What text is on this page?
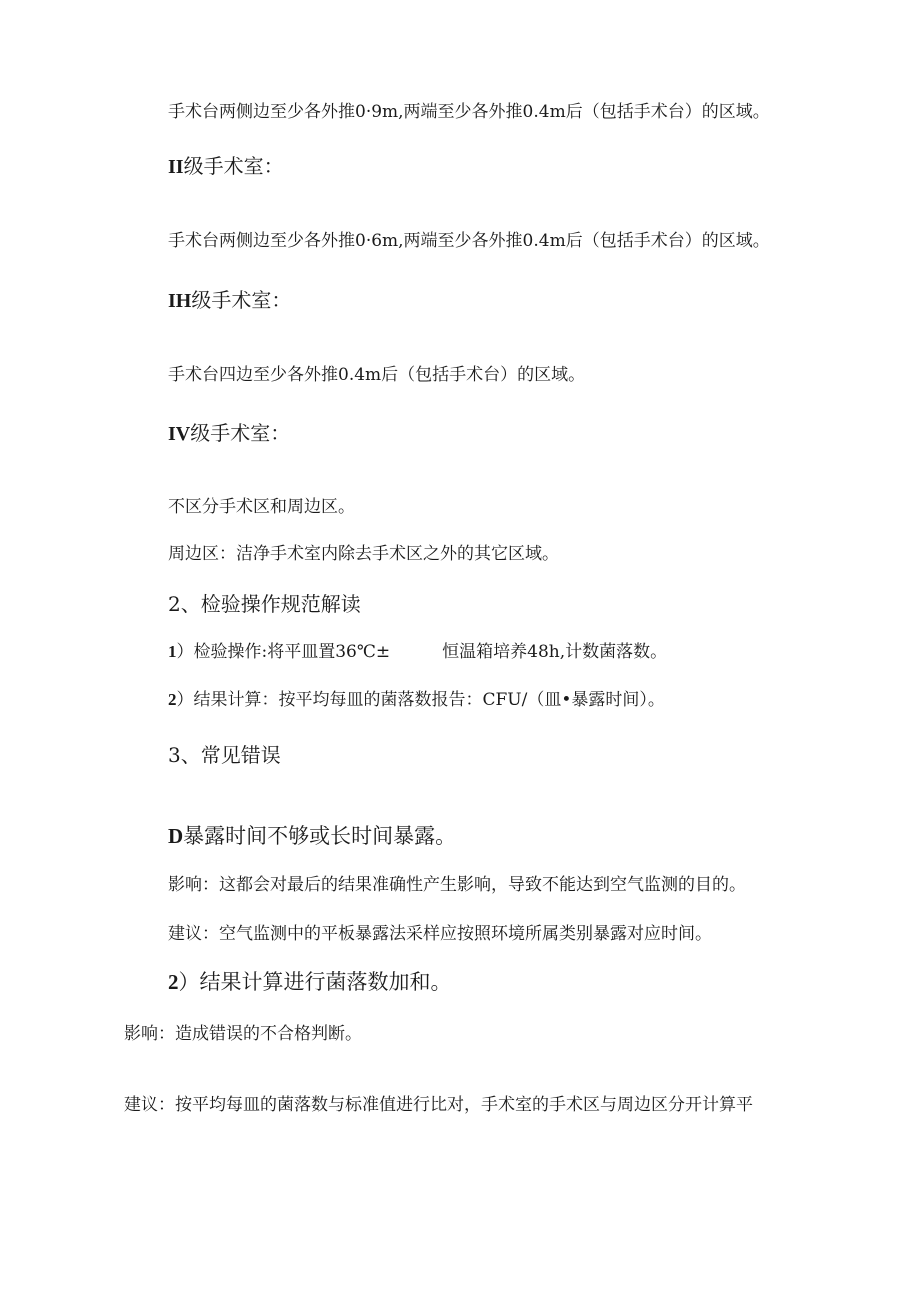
手术台两侧边至少各外推0·9m,两端至少各外推0.4m后（包括手术台）的区域。
II级手术室：
手术台两侧边至少各外推0·6m,两端至少各外推0.4m后（包括手术台）的区域。
IH级手术室：
手术台四边至少各外推0.4m后（包括手术台）的区域。
IV级手术室：
不区分手术区和周边区。
周边区：洁净手术室内除去手术区之外的其它区域。
2、检验操作规范解读
1）检验操作:将平皿置36℃±	恒温箱培养48h,计数菌落数。
2）结果计算：按平均每皿的菌落数报告：CFU/（皿•暴露时间）。
3、常见错误
D暴露时间不够或长时间暴露。
影响：这都会对最后的结果准确性产生影响，导致不能达到空气监测的目的。
建议：空气监测中的平板暴露法采样应按照环境所属类别暴露对应时间。
2）结果计算进行菌落数加和。
影响：造成错误的不合格判断。
建议：按平均每皿的菌落数与标准值进行比对，手术室的手术区与周边区分开计算平
